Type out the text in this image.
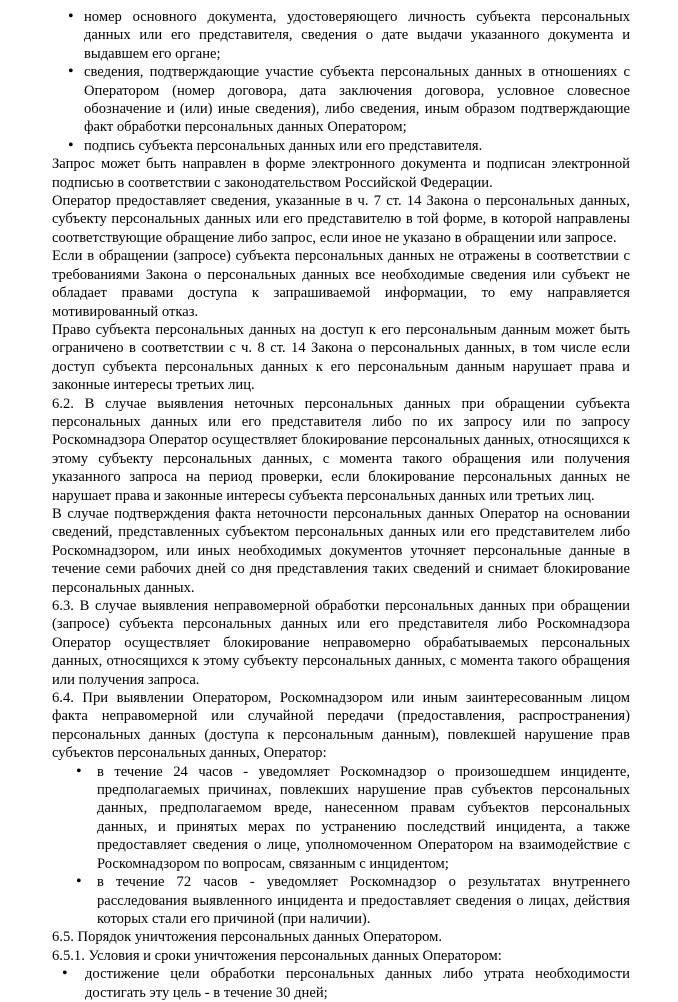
• номер основного документа, удостоверяющего личность субъекта персональных данных или его представителя, сведения о дате выдачи указанного документа и выдавшем его органе;
• сведения, подтверждающие участие субъекта персональных данных в отношениях с Оператором (номер договора, дата заключения договора, условное словесное обозначение и (или) иные сведения), либо сведения, иным образом подтверждающие факт обработки персональных данных Оператором;
• подпись субъекта персональных данных или его представителя.

Запрос может быть направлен в форме электронного документа и подписан электронной подписью в соответствии с законодательством Российской Федерации.

Оператор предоставляет сведения, указанные в ч. 7 ст. 14 Закона о персональных данных, субъекту персональных данных или его представителю в той форме, в которой направлены соответствующие обращение либо запрос, если иное не указано в обращении или запросе.

Если в обращении (запросе) субъекта персональных данных не отражены в соответствии с требованиями Закона о персональных данных все необходимые сведения или субъект не обладает правами доступа к запрашиваемой информации, то ему направляется мотивированный отказ.

Право субъекта персональных данных на доступ к его персональным данным может быть ограничено в соответствии с ч. 8 ст. 14 Закона о персональных данных, в том числе если доступ субъекта персональных данных к его персональным данным нарушает права и законные интересы третьих лиц.

6.2. В случае выявления неточных персональных данных при обращении субъекта персональных данных или его представителя либо по их запросу или по запросу Роскомнадзора Оператор осуществляет блокирование персональных данных, относящихся к этому субъекту персональных данных, с момента такого обращения или получения указанного запроса на период проверки, если блокирование персональных данных не нарушает права и законные интересы субъекта персональных данных или третьих лиц.

В случае подтверждения факта неточности персональных данных Оператор на основании сведений, представленных субъектом персональных данных или его представителем либо Роскомнадзором, или иных необходимых документов уточняет персональные данные в течение семи рабочих дней со дня представления таких сведений и снимает блокирование персональных данных.

6.3. В случае выявления неправомерной обработки персональных данных при обращении (запросе) субъекта персональных данных или его представителя либо Роскомнадзора Оператор осуществляет блокирование неправомерно обрабатываемых персональных данных, относящихся к этому субъекту персональных данных, с момента такого обращения или получения запроса.

6.4. При выявлении Оператором, Роскомнадзором или иным заинтересованным лицом факта неправомерной или случайной передачи (предоставления, распространения) персональных данных (доступа к персональным данным), повлекшей нарушение прав субъектов персональных данных, Оператор:

• в течение 24 часов - уведомляет Роскомнадзор о произошедшем инциденте, предполагаемых причинах, повлекших нарушение прав субъектов персональных данных, предполагаемом вреде, нанесенном правам субъектов персональных данных, и принятых мерах по устранению последствий инцидента, а также предоставляет сведения о лице, уполномоченном Оператором на взаимодействие с Роскомнадзором по вопросам, связанным с инцидентом;
• в течение 72 часов - уведомляет Роскомнадзор о результатах внутреннего расследования выявленного инцидента и предоставляет сведения о лицах, действия которых стали его причиной (при наличии).

6.5. Порядок уничтожения персональных данных Оператором.

6.5.1. Условия и сроки уничтожения персональных данных Оператором:

• достижение цели обработки персональных данных либо утрата необходимости достигать эту цель - в течение 30 дней;
